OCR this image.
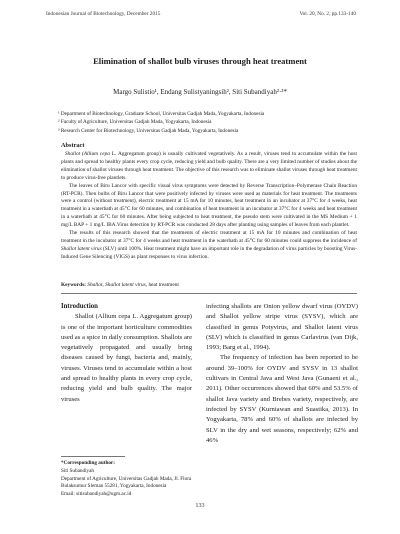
Indonesian Journal of Biotechnology, December 2015	Vol. 20, No. 2, pp.133-140
Elimination of shallot bulb viruses through heat treatment
Margo Sulistio¹, Endang Sulistyaningsih², Siti Subandiyah²·³*
¹ Department of Biotechnology, Graduate School, Universitas Gadjah Mada, Yogyakarta, Indonesia
² Faculty of Agriculture, Universitas Gadjah Mada, Yogyakarta, Indonesia
³ Research Center for Biotechnology, Universitas Gadjah Mada, Yogyakarta, Indonesia
Abstract

Shallot (Allium cepa L. Aggregatum group) is usually cultivated vegetatively. As a result, viruses tend to accumulate within the host plants and spread to healthy plants every crop cycle, reducing yield and bulb quality. There are a very limited number of studies about the elimination of shallot viruses through heat treatment. The objective of this research was to eliminate shallot viruses through heat treatment to produce virus-free plantlets.

The leaves of Biru Lancor with specific visual virus symptoms were detected by Reverse Transcription–Polymerase Chain Reaction (RT-PCR). Then bulbs of Biru Lancor that were positively infected by viruses were used as materials for heat treatment. The treatments were a control (without treatment), electric treatment at 15 mA for 10 minutes, heat treatment in an incubator at 37°C for 4 weeks, heat treatment in a waterbath at 45°C for 60 minutes, and combination of heat treatment in an incubator at 37°C for 4 weeks and heat treatment in a waterbath at 45°C for 60 minutes. After being subjected to heat treatment, the pseudo stem were cultivated in the MS Medium + 1 mg/L BAP + 1 mg/L IBA.Virus detection by RT-PCR was conducted 28 days after planting using samples of leaves from each plantlet.

The results of this research showed that the treatments of electric treatment at 15 mA for 10 minutes and combination of heat treatment in the incubator at 37°C for 4 weeks and heat treatment in the waterbath at 45°C for 60 minutes could suppress the incidence of Shallot latent virus (SLV) until 100%. Heat treatment might have an important role in the degradation of virus particles by boosting Virus-Induced Gene Silencing (VIGS) as plant responses to virus infection.

Keywords: Shallot, Shallot latent virus, heat treatment

Introduction

Shallot (Allium cepa L. Aggregatum group) is one of the important horticulture commodities used as a spice in daily consumption. Shallots are vegetatively propagated and usually bring diseases caused by fungi, bacteria and, mainly, viruses. Viruses tend to accumulate within a host and spread to healthy plants in every crop cycle, reducing yield and bulb quality. The major viruses

infecting shallots are Onion yellow dwarf virus (OYDV) and Shallot yellow stripe virus (SYSV), which are classified in genus Potyvirus, and Shallot latent virus (SLV) which is classified in genus Carlavirus (van Dijk, 1993; Barg et al., 1994).

The frequency of infection has been reported to be around 39–100% for OYDV and SYSV in 13 shallot cultivars in Central Java and West Java (Gunaeni et al., 2011). Other occurrences showed that 60% and 53.5% of shallot Java variety and Brebes variety, respectively, are infected by SYSV (Kurniawan and Suastika, 2013). In Yogyakarta, 78% and 60% of shallots are infected by SLV in the dry and wet seasons, respectively; 62% and 46%

*Corresponding author:
Siti Subandiyah
Department of Agriculture, Universitas Gadjah Mada, Jl. Flora Bulaksumur Sleman 55281, Yogyakarta, Indonesia
Email: sitisubandiyah@ugm.ac.id
133
